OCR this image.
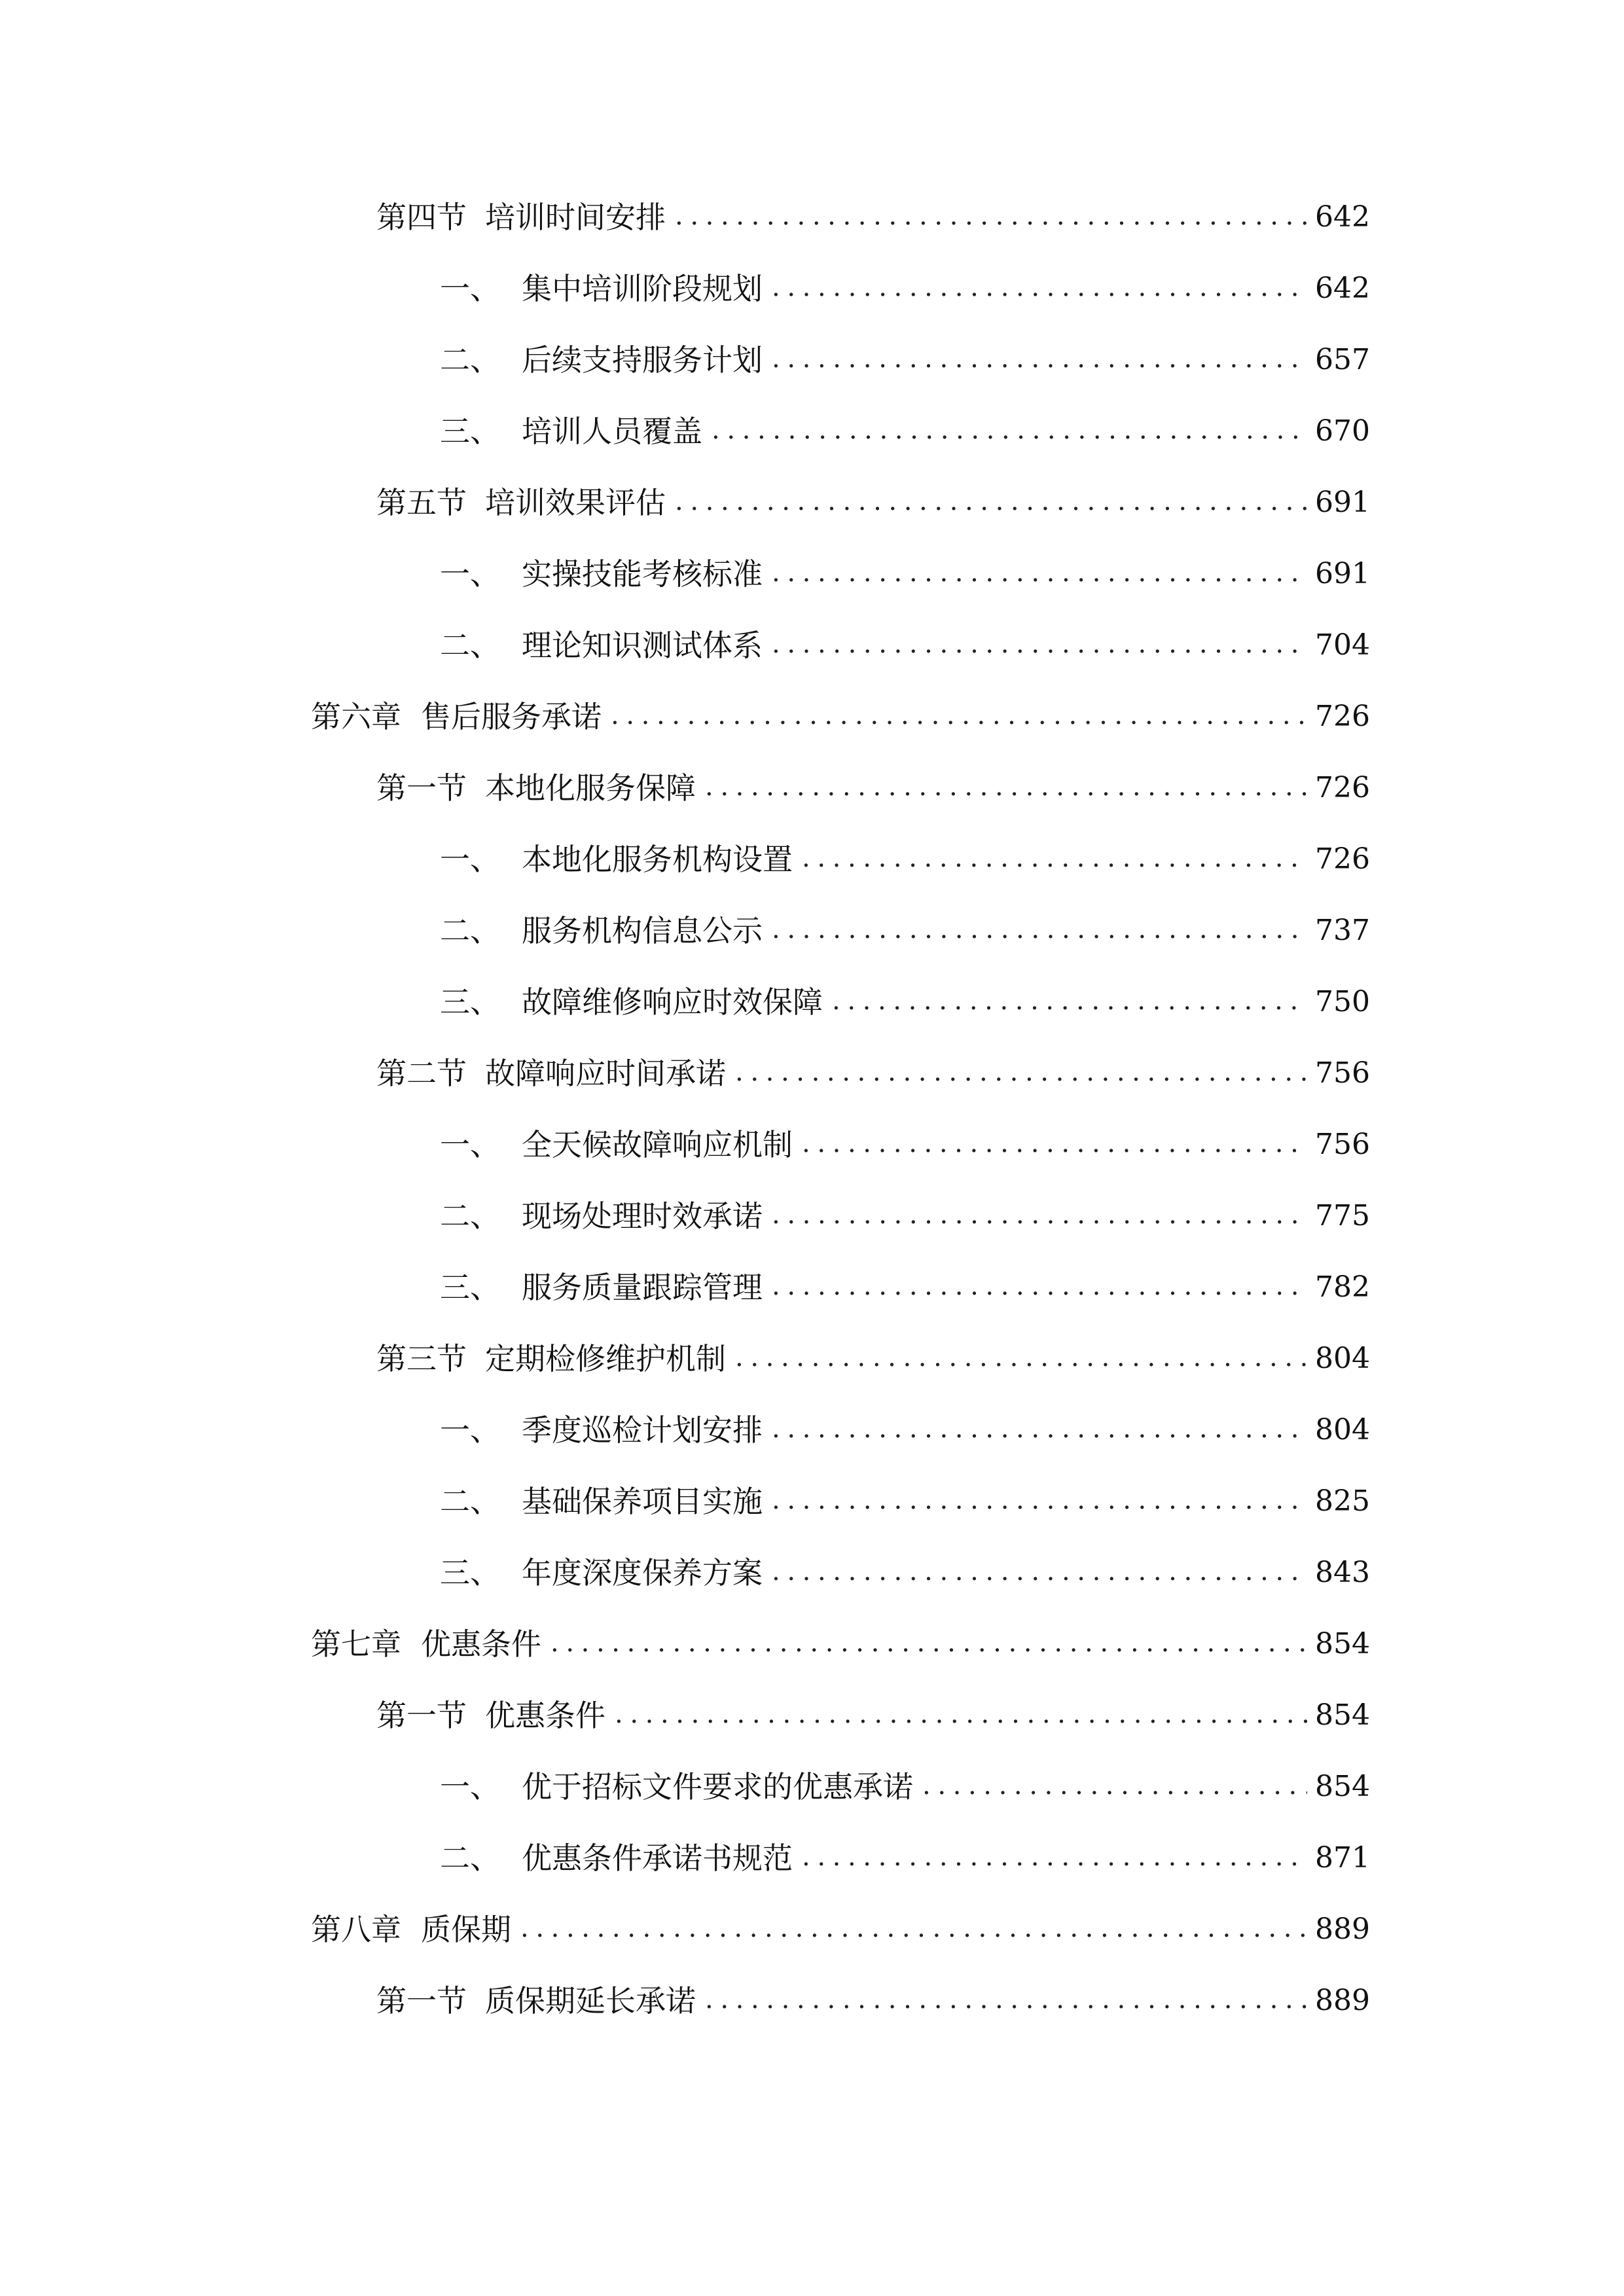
第四节 培训时间安排 .....	642
一、 集中培训阶段规划 .....	642
二、 后续支持服务计划 .....	657
三、 培训人员覆盖 .....	670
第五节 培训效果评估 .....	691
一、 实操技能考核标准 .....	691
二、 理论知识测试体系 .....	704
第六章 售后服务承诺 .....	726
第一节 本地化服务保障 .....	726
一、 本地化服务机构设置 .....	726
二、 服务机构信息公示 .....	737
三、 故障维修响应时效保障 .....	750
第二节 故障响应时间承诺 .....	756
一、 全天候故障响应机制 .....	756
二、 现场处理时效承诺 .....	775
三、 服务质量跟踪管理 .....	782
第三节 定期检修维护机制 .....	804
一、 季度巡检计划安排 .....	804
二、 基础保养项目实施 .....	825
三、 年度深度保养方案 .....	843
第七章 优惠条件 .....	854
第一节 优惠条件 .....	854
一、 优于招标文件要求的优惠承诺 .....	854
二、 优惠条件承诺书规范 .....	871
第八章 质保期 .....	889
第一节 质保期延长承诺 .....	889
